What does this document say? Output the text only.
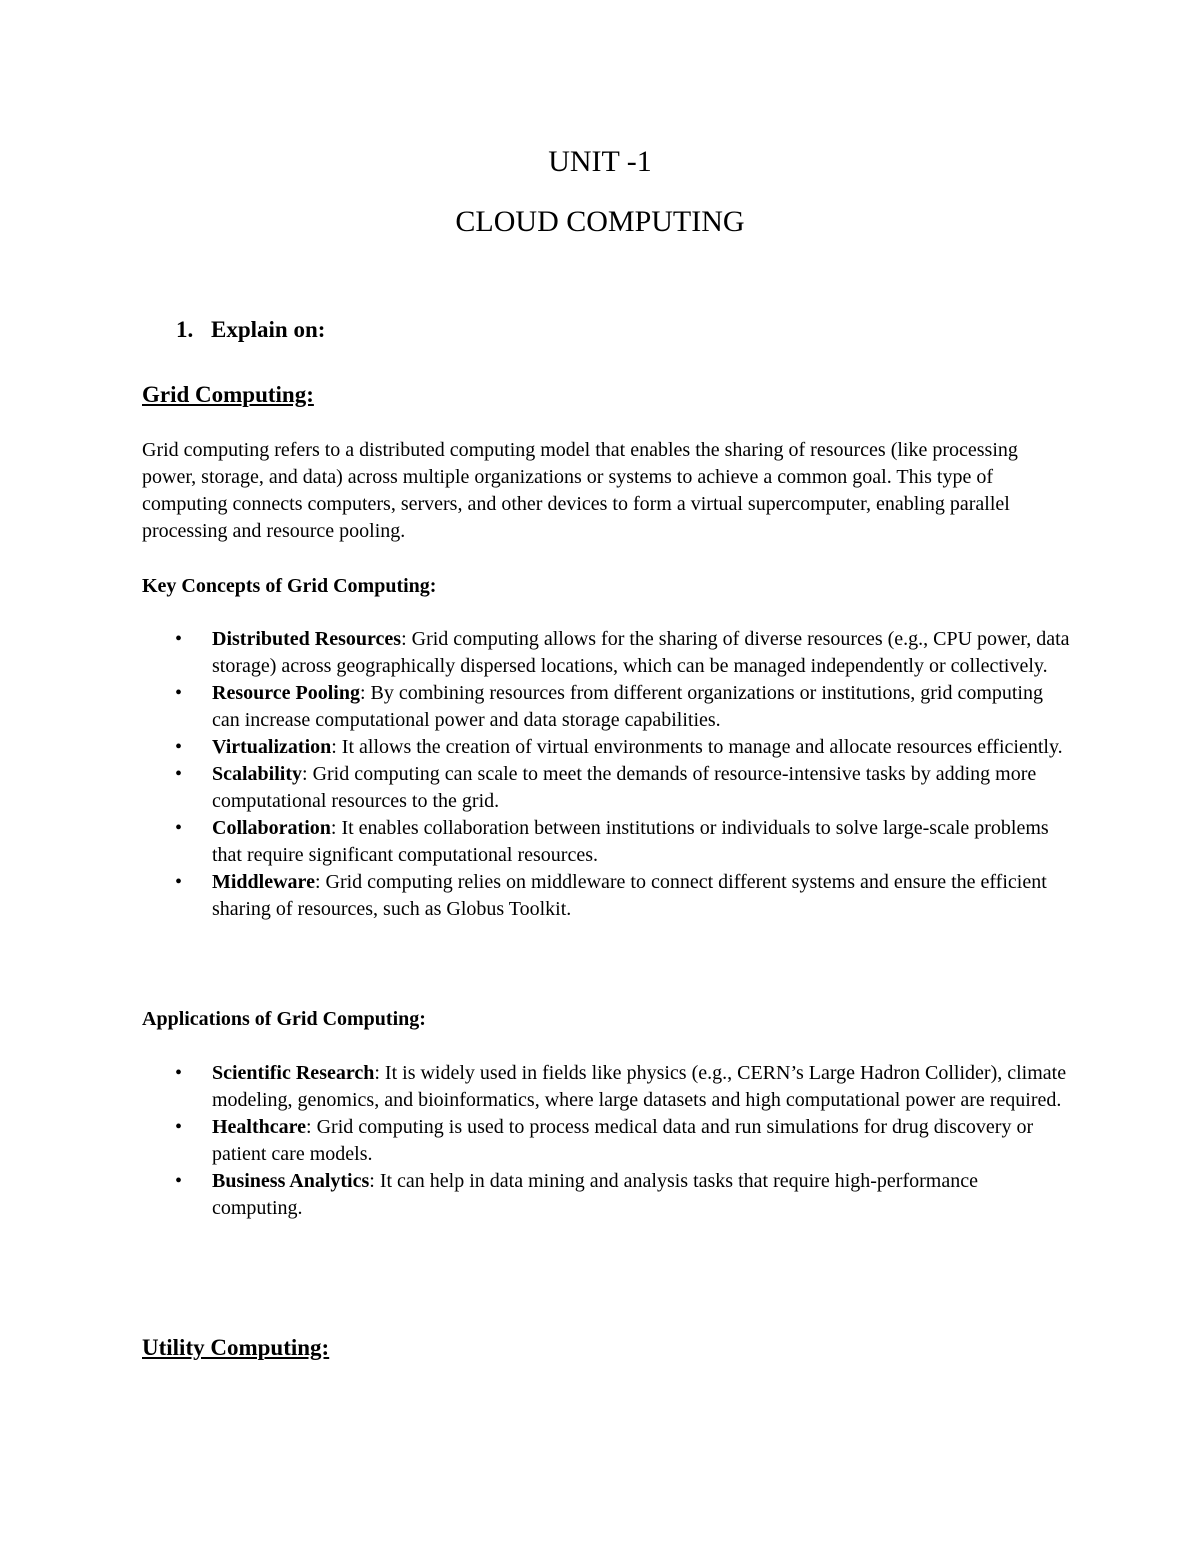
UNIT -1
CLOUD COMPUTING

1. Explain on:

Grid Computing:

Grid computing refers to a distributed computing model that enables the sharing of resources (like processing power, storage, and data) across multiple organizations or systems to achieve a common goal. This type of computing connects computers, servers, and other devices to form a virtual supercomputer, enabling parallel processing and resource pooling.

Key Concepts of Grid Computing:
• Distributed Resources: Grid computing allows for the sharing of diverse resources (e.g., CPU power, data storage) across geographically dispersed locations, which can be managed independently or collectively.
• Resource Pooling: By combining resources from different organizations or institutions, grid computing can increase computational power and data storage capabilities.
• Virtualization: It allows the creation of virtual environments to manage and allocate resources efficiently.
• Scalability: Grid computing can scale to meet the demands of resource-intensive tasks by adding more computational resources to the grid.
• Collaboration: It enables collaboration between institutions or individuals to solve large-scale problems that require significant computational resources.
• Middleware: Grid computing relies on middleware to connect different systems and ensure the efficient sharing of resources, such as Globus Toolkit.
Applications of Grid Computing:
• Scientific Research: It is widely used in fields like physics (e.g., CERN’s Large Hadron Collider), climate modeling, genomics, and bioinformatics, where large datasets and high computational power are required.
• Healthcare: Grid computing is used to process medical data and run simulations for drug discovery or patient care models.
• Business Analytics: It can help in data mining and analysis tasks that require high-performance computing.
Utility Computing:
